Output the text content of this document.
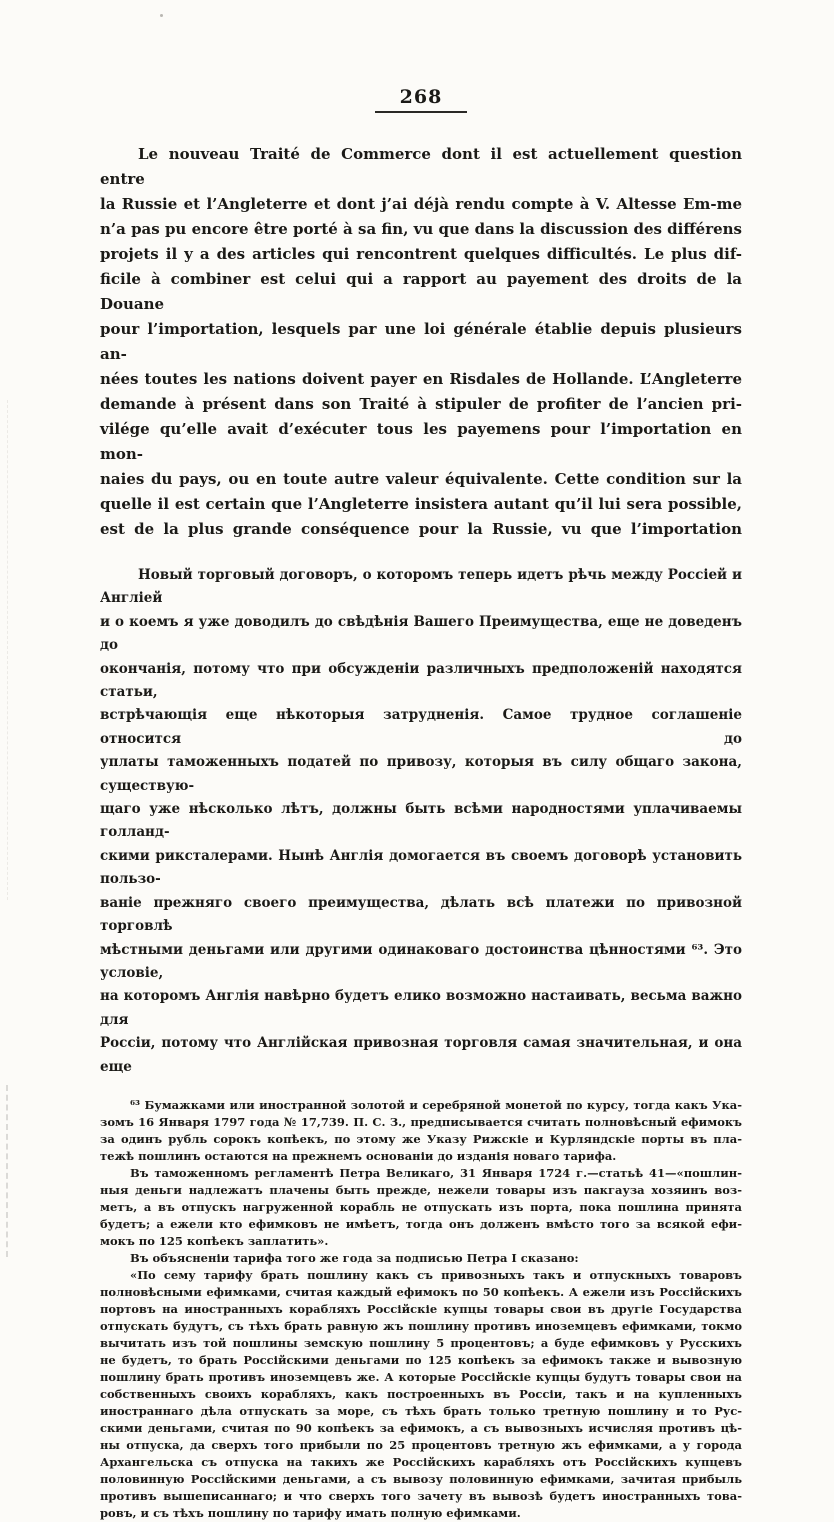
268
Le nouveau Traité de Commerce dont il est actuellement question entre
la Russie et l’Angleterre et dont j’ai déjà rendu compte à V. Altesse Em-me
n’a pas pu encore être porté à sa fin, vu que dans la discussion des différens
projets il y a des articles qui rencontrent quelques difficultés. Le plus dif-
ficile à combiner est celui qui a rapport au payement des droits de la Douane
pour l’importation, lesquels par une loi générale établie depuis plusieurs an-
nées toutes les nations doivent payer en Risdales de Hollande. L’Angleterre
demande à présent dans son Traité à stipuler de profiter de l’ancien pri-
vilége qu’elle avait d’exécuter tous les payemens pour l’importation en mon-
naies du pays, ou en toute autre valeur équivalente. Cette condition sur la
quelle il est certain que l’Angleterre insistera autant qu’il lui sera possible,
est de la plus grande conséquence pour la Russie, vu que l’importation
Новый торговый договоръ, о которомъ теперь идетъ рѣчь между Россіей и Англіей
и о коемъ я уже доводилъ до свѣдѣнія Вашего Преимущества, еще не доведенъ до
окончанія, потому что при обсужденіи различныхъ предположеній находятся статьи,
встрѣчающія еще нѣкоторыя затрудненія. Самое трудное соглашеніе относится до
уплаты таможенныхъ податей по привозу, которыя въ силу общаго закона, существую-
щаго уже нѣсколько лѣтъ, должны быть всѣми народностями уплачиваемы голланд-
скими риксталерами. Нынѣ Англія домогается въ своемъ договорѣ установить пользо-
ваніе прежняго своего преимущества, дѣлать всѣ платежи по привозной торговлѣ
мѣстными деньгами или другими одинаковаго достоинства цѣнностями ⁶³. Это условіе,
на которомъ Англія навѣрно будетъ елико возможно настаивать, весьма важно для
Россіи, потому что Англійская привозная торговля самая значительная, и она еще
⁶³ Бумажками или иностранной золотой и серебряной монетой по курсу, тогда какъ Ука-
зомъ 16 Января 1797 года № 17,739. П. С. З., предписывается считать полновѣсный ефимокъ
за одинъ рубль сорокъ копѣекъ, по этому же Указу Рижскіе и Курляндскіе порты въ пла-
тежѣ пошлинъ остаются на прежнемъ основаніи до изданія новаго тарифа.
Въ таможенномъ регламентѣ Петра Великаго, 31 Января 1724 г.—статьѣ 41—«пошлин-
ныя деньги надлежатъ плачены быть прежде, нежели товары изъ пакгауза хозяинъ воз-
метъ, а въ отпускъ нагруженной корабль не отпускать изъ порта, пока пошлина принята
будетъ; а ежели кто ефимковъ не имѣетъ, тогда онъ долженъ вмѣсто того за всякой ефи-
мокъ по 125 копѣекъ заплатить».
Въ объясненіи тарифа того же года за подписью Петра I сказано:
«По сему тарифу брать пошлину какъ съ привозныхъ такъ и отпускныхъ товаровъ
полновѣсными ефимками, считая каждый ефимокъ по 50 копѣекъ. А ежели изъ Россійскихъ
портовъ на иностранныхъ корабляхъ Россійскіе купцы товары свои въ другіе Государства
отпускать будутъ, съ тѣхъ брать равную жъ пошлину противъ иноземцевъ ефимками, токмо
вычитать изъ той пошлины земскую пошлину 5 процентовъ; а буде ефимковъ у Русскихъ
не будетъ, то брать Россійскими деньгами по 125 копѣекъ за ефимокъ также и вывозную
пошлину брать противъ иноземцевъ же. А которые Россійскіе купцы будутъ товары свои на
собственныхъ своихъ корабляхъ, какъ построенныхъ въ Россіи, такъ и на купленныхъ
иностраннаго дѣла отпускать за море, съ тѣхъ брать только третную пошлину и то Рус-
скими деньгами, считая по 90 копѣекъ за ефимокъ, а съ вывозныхъ исчисляя противъ цѣ-
ны отпуска, да сверхъ того прибыли по 25 процентовъ третную жъ ефимками, а у города
Архангельска съ отпуска на такихъ же Россійскихъ карабляхъ отъ Россійскихъ купцевъ
половинную Россійскими деньгами, а съ вывозу половинную ефимками, зачитая прибыль
противъ вышеписаннаго; и что сверхъ того зачету въ вывозѣ будетъ иностранныхъ това-
ровъ, и съ тѣхъ пошлину по тарифу имать полную ефимками.
